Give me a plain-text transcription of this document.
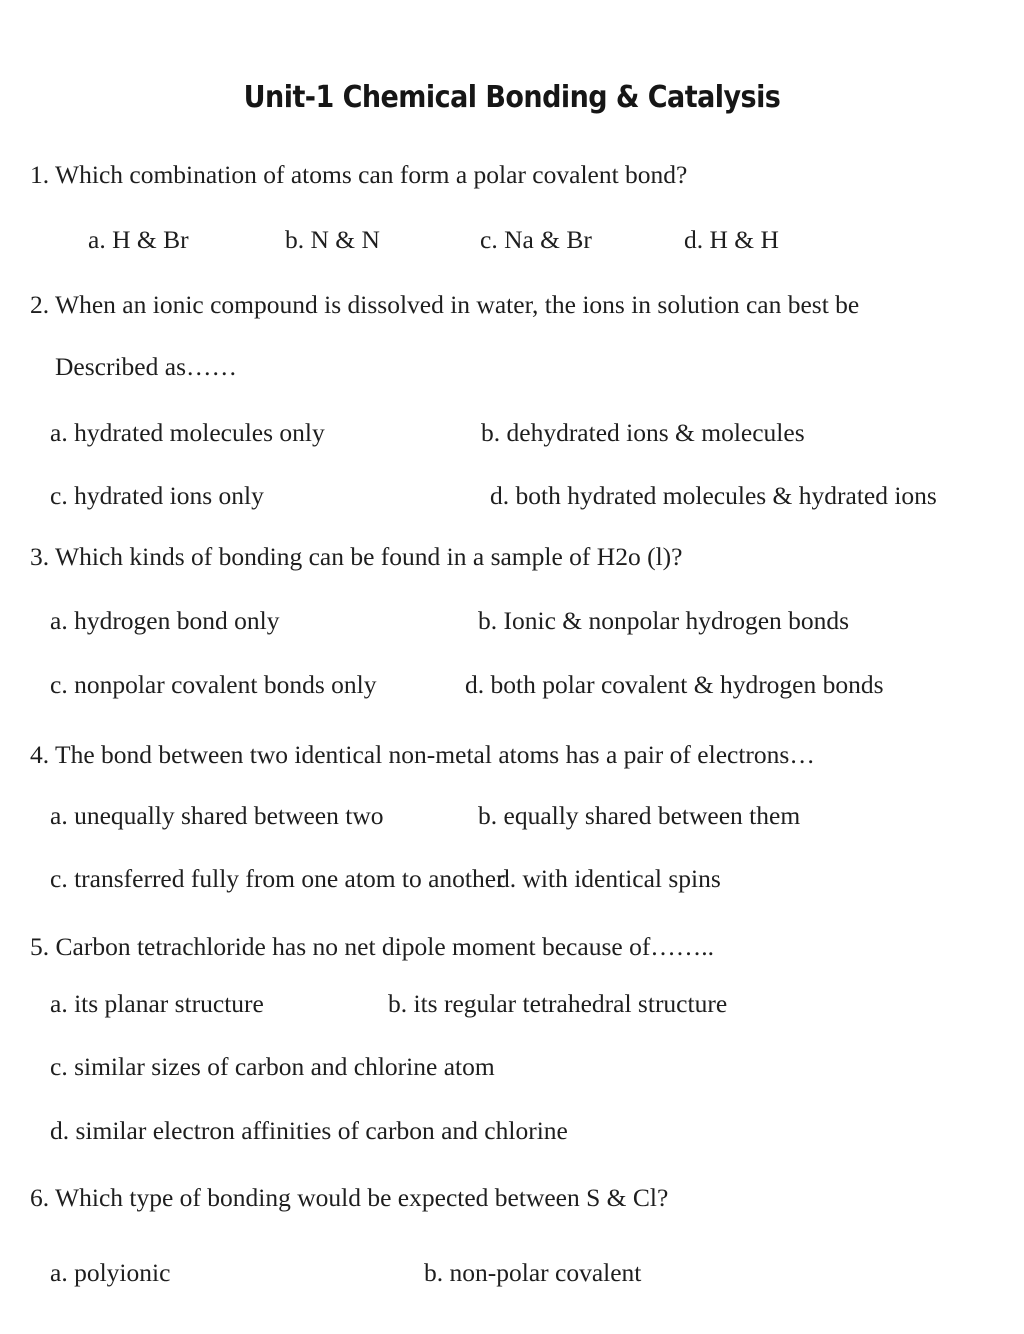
Unit-1 Chemical Bonding & Catalysis
1. Which combination of atoms can form a polar covalent bond?
a. H & Br	b. N & N	c. Na & Br	d. H & H
2. When an ionic compound is dissolved in water, the ions in solution can best be
Described as……
a. hydrated molecules only	b. dehydrated ions & molecules
c. hydrated ions only	d. both hydrated molecules & hydrated ions
3. Which kinds of bonding can be found in a sample of H2o (l)?
a. hydrogen bond only	b. Ionic & nonpolar hydrogen bonds
c. nonpolar covalent bonds only	d. both polar covalent & hydrogen bonds
4. The bond between two identical non-metal atoms has a pair of electrons…
a. unequally shared between two	b. equally shared between them
c. transferred fully from one atom to another
d. with identical spins
5. Carbon tetrachloride has no net dipole moment because of……..
a. its planar structure	b. its regular tetrahedral structure
c. similar sizes of carbon and chlorine atom
d. similar electron affinities of carbon and chlorine
6. Which type of bonding would be expected between S & Cl?
a. polyionic	b. non-polar covalent
